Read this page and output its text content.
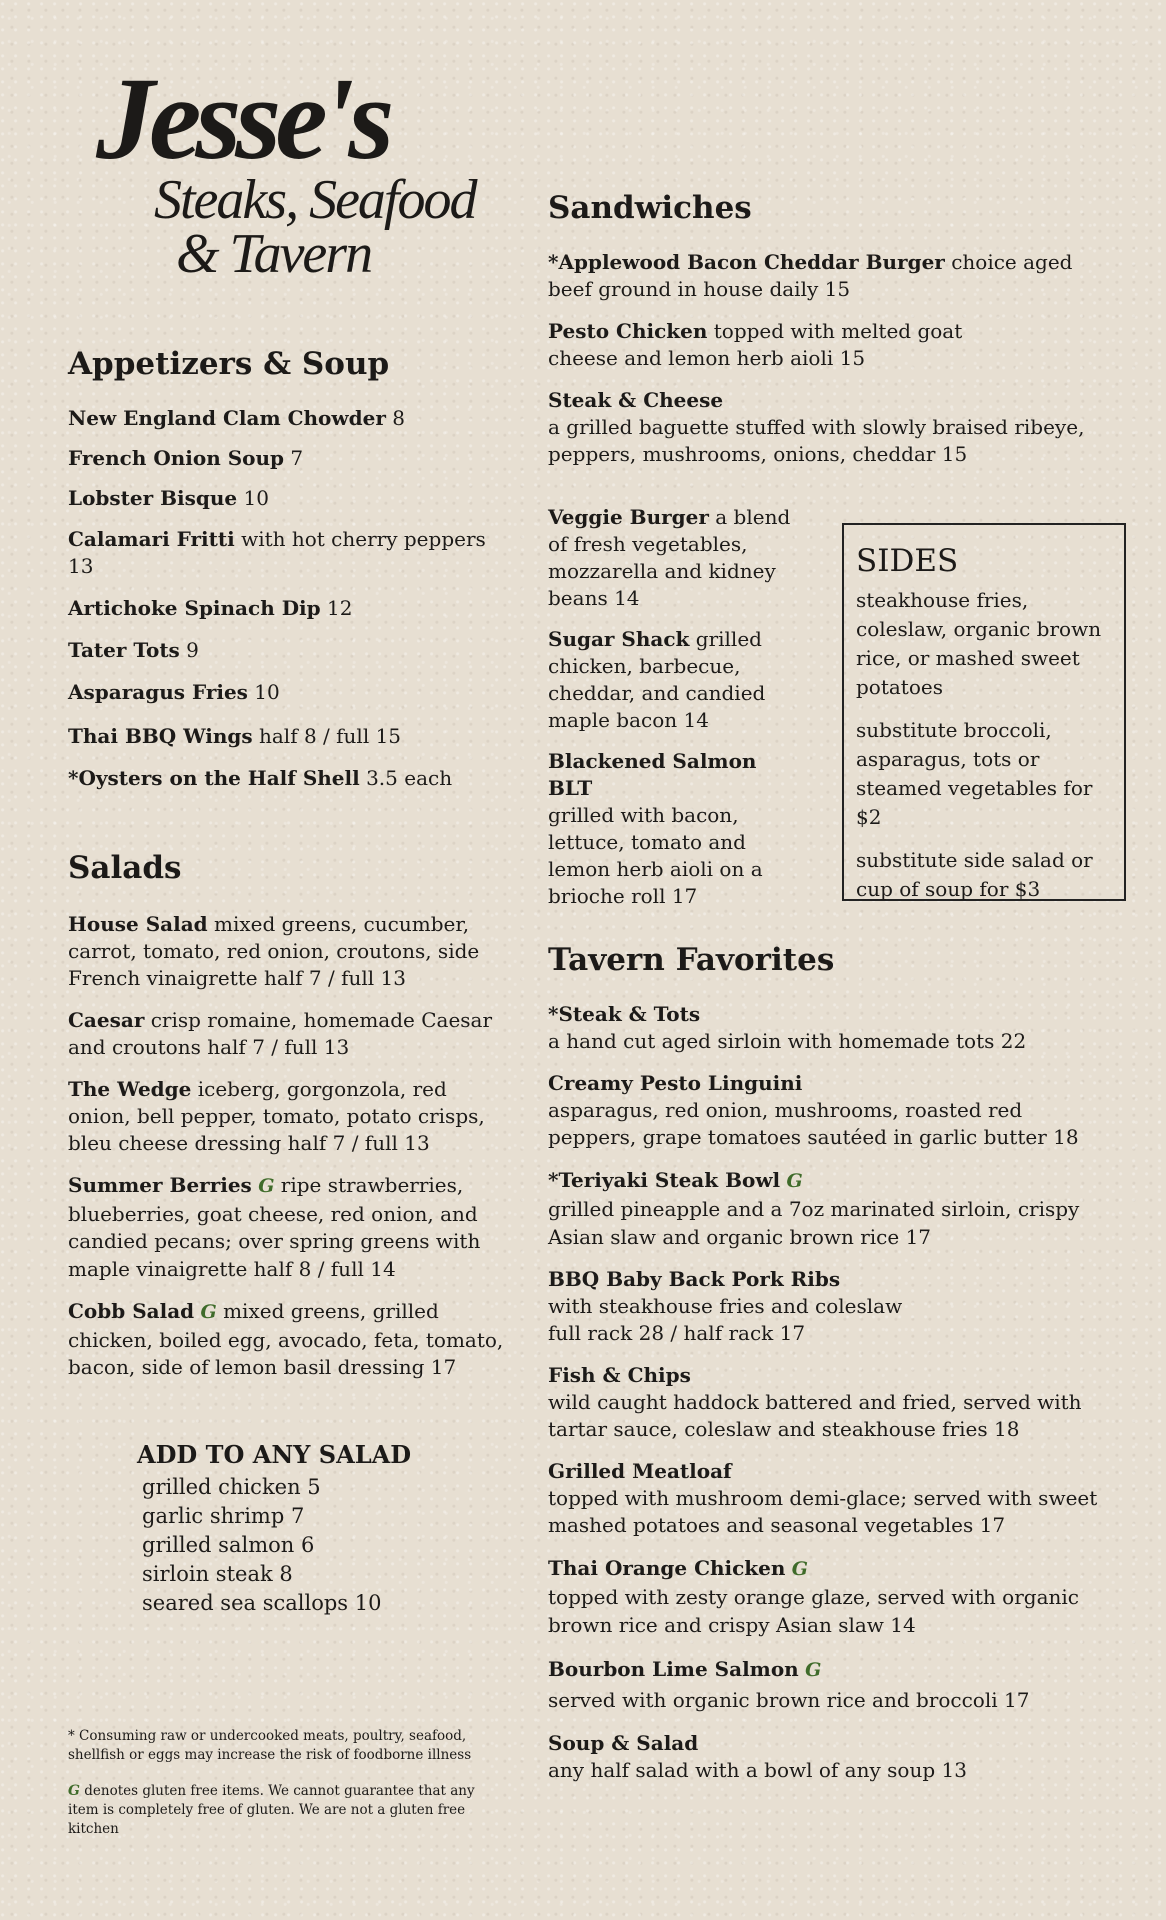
Jesse's
Steaks, Seafood
& Tavern
Appetizers & Soup
New England Clam Chowder 8
French Onion Soup 7
Lobster Bisque 10
Calamari Fritti with hot cherry peppers 13
Artichoke Spinach Dip 12
Tater Tots 9
Asparagus Fries 10
Thai BBQ Wings half 8 / full 15
*Oysters on the Half Shell 3.5 each
Salads
House Salad mixed greens, cucumber, carrot, tomato, red onion, croutons, side French vinaigrette half 7 / full 13
Caesar crisp romaine, homemade Caesar and croutons half 7 / full 13
The Wedge iceberg, gorgonzola, red onion, bell pepper, tomato, potato crisps, bleu cheese dressing half 7 / full 13
Summer Berries G ripe strawberries, blueberries, goat cheese, red onion, and candied pecans; over spring greens with maple vinaigrette half 8 / full 14
Cobb Salad G mixed greens, grilled chicken, boiled egg, avocado, feta, tomato, bacon, side of lemon basil dressing 17
ADD TO ANY SALAD
grilled chicken 5
garlic shrimp 7
grilled salmon 6
sirloin steak 8
seared sea scallops 10
* Consuming raw or undercooked meats, poultry, seafood, shellfish or eggs may increase the risk of foodborne illness
G denotes gluten free items. We cannot guarantee that any item is completely free of gluten. We are not a gluten free kitchen
Sandwiches
*Applewood Bacon Cheddar Burger choice aged beef ground in house daily 15
Pesto Chicken topped with melted goat cheese and lemon herb aioli 15
Steak & Cheese
a grilled baguette stuffed with slowly braised ribeye, peppers, mushrooms, onions, cheddar 15
Veggie Burger a blend of fresh vegetables, mozzarella and kidney beans 14
Sugar Shack grilled chicken, barbecue, cheddar, and candied maple bacon 14
Blackened Salmon BLT
grilled with bacon, lettuce, tomato and lemon herb aioli on a brioche roll 17
SIDES
steakhouse fries, coleslaw, organic brown rice, or mashed sweet potatoes
substitute broccoli, asparagus, tots or steamed vegetables for $2
substitute side salad or cup of soup for $3
Tavern Favorites
*Steak & Tots
a hand cut aged sirloin with homemade tots 22
Creamy Pesto Linguini
asparagus, red onion, mushrooms, roasted red peppers, grape tomatoes sautéed in garlic butter 18
*Teriyaki Steak Bowl G
grilled pineapple and a 7oz marinated sirloin, crispy Asian slaw and organic brown rice 17
BBQ Baby Back Pork Ribs
with steakhouse fries and coleslaw
full rack 28 / half rack 17
Fish & Chips
wild caught haddock battered and fried, served with tartar sauce, coleslaw and steakhouse fries 18
Grilled Meatloaf
topped with mushroom demi-glace; served with sweet mashed potatoes and seasonal vegetables 17
Thai Orange Chicken G
topped with zesty orange glaze, served with organic brown rice and crispy Asian slaw 14
Bourbon Lime Salmon G
served with organic brown rice and broccoli 17
Soup & Salad
any half salad with a bowl of any soup 13
